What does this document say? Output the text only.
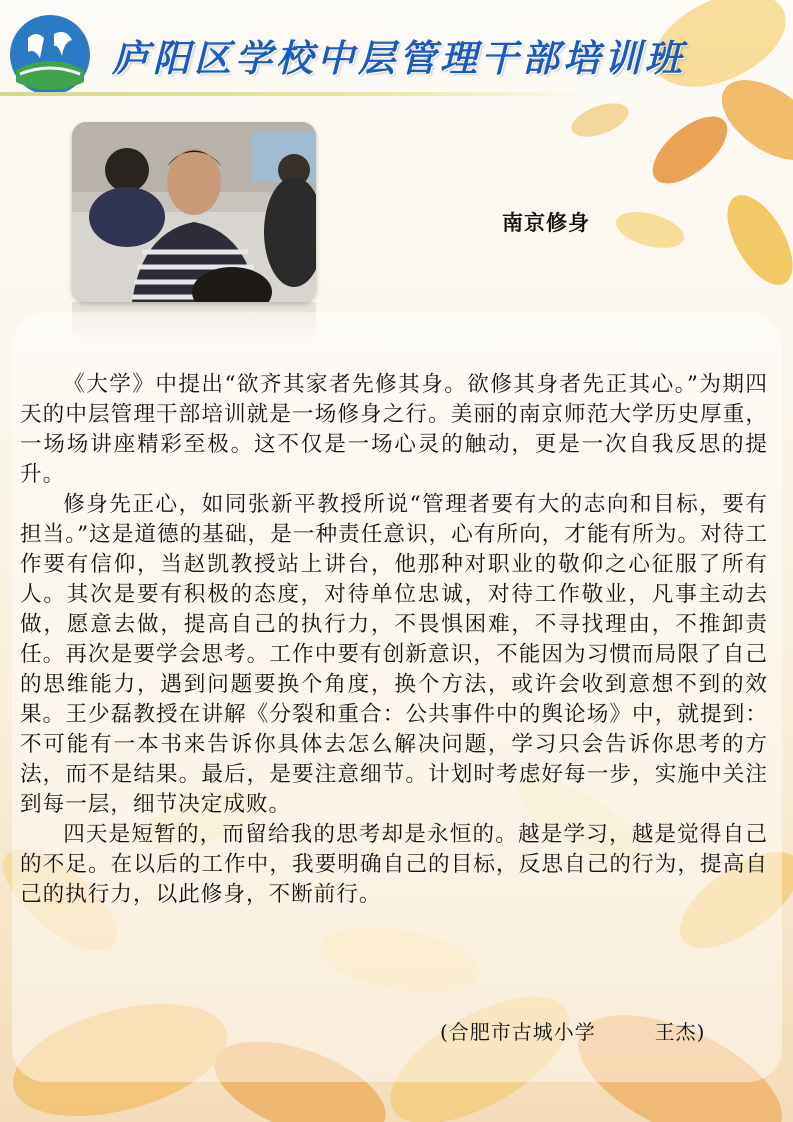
庐阳区学校中层管理干部培训班
南京修身

《大学》中提出“欲齐其家者先修其身。欲修其身者先正其心。”为期四天的中层管理干部培训就是一场修身之行。美丽的南京师范大学历史厚重，一场场讲座精彩至极。这不仅是一场心灵的触动，更是一次自我反思的提升。

修身先正心，如同张新平教授所说“管理者要有大的志向和目标，要有担当。”这是道德的基础，是一种责任意识，心有所向，才能有所为。对待工作要有信仰，当赵凯教授站上讲台，他那种对职业的敬仰之心征服了所有人。其次是要有积极的态度，对待单位忠诚，对待工作敬业，凡事主动去做，愿意去做，提高自己的执行力，不畏惧困难，不寻找理由，不推卸责任。再次是要学会思考。工作中要有创新意识，不能因为习惯而局限了自己的思维能力，遇到问题要换个角度，换个方法，或许会收到意想不到的效果。王少磊教授在讲解《分裂和重合：公共事件中的舆论场》中，就提到：不可能有一本书来告诉你具体去怎么解决问题，学习只会告诉你思考的方法，而不是结果。最后，是要注意细节。计划时考虑好每一步，实施中关注到每一层，细节决定成败。

四天是短暂的，而留给我的思考却是永恒的。越是学习，越是觉得自己的不足。在以后的工作中，我要明确自己的目标，反思自己的行为，提高自己的执行力，以此修身，不断前行。

(合肥市古城小学        王杰)
